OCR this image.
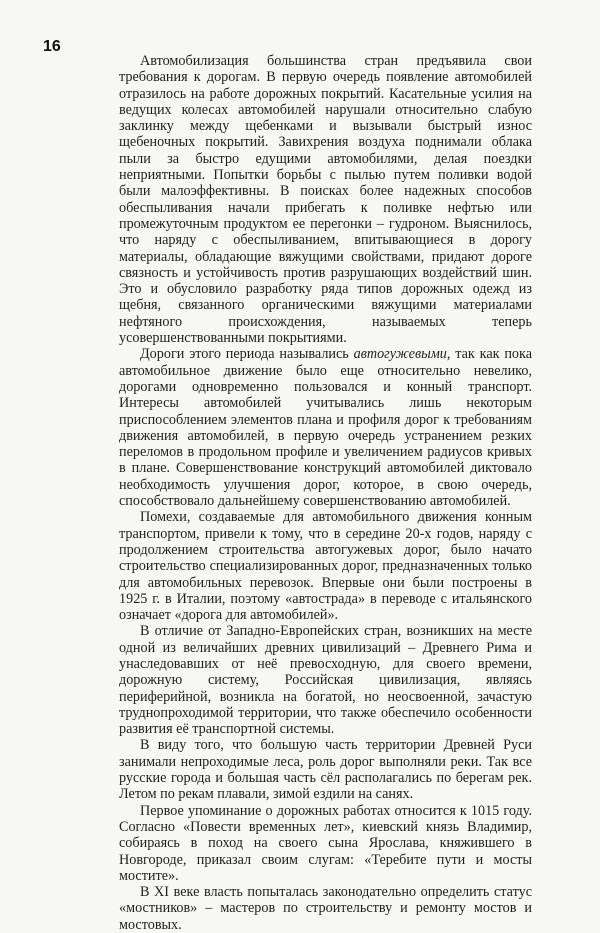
16

Автомобилизация большинства стран предъявила свои требования к дорогам. В первую очередь появление автомобилей отразилось на работе дорожных покрытий. Касательные усилия на ведущих колесах автомобилей нарушали относительно слабую заклинку между щебенками и вызывали быстрый износ щебеночных покрытий. Завихрения воздуха поднимали облака пыли за быстро едущими автомобилями, делая поездки неприятными. Попытки борьбы с пылью путем поливки водой были малоэффективны. В поисках более надежных способов обеспыливания начали прибегать к поливке нефтью или промежуточным продуктом ее перегонки – гудроном. Выяснилось, что наряду с обеспыливанием, впитывающиеся в дорогу материалы, обладающие вяжущими свойствами, придают дороге связность и устойчивость против разрушающих воздействий шин. Это и обусловило разработку ряда типов дорожных одежд из щебня, связанного органическими вяжущими материалами нефтяного происхождения, называемых теперь усовершенствованными покрытиями.

Дороги этого периода назывались автогужевыми, так как пока автомобильное движение было еще относительно невелико, дорогами одновременно пользовался и конный транспорт. Интересы автомобилей учитывались лишь некоторым приспособлением элементов плана и профиля дорог к требованиям движения автомобилей, в первую очередь устранением резких переломов в продольном профиле и увеличением радиусов кривых в плане. Совершенствование конструкций автомобилей диктовало необходимость улучшения дорог, которое, в свою очередь, способствовало дальнейшему совершенствованию автомобилей.

Помехи, создаваемые для автомобильного движения конным транспортом, привели к тому, что в середине 20-х годов, наряду с продолжением строительства автогужевых дорог, было начато строительство специализированных дорог, предназначенных только для автомобильных перевозок. Впервые они были построены в 1925 г. в Италии, поэтому «автострада» в переводе с итальянского означает «дорога для автомобилей».

В отличие от Западно-Европейских стран, возникших на месте одной из величайших древних цивилизаций – Древнего Рима и унаследовавших от неё превосходную, для своего времени, дорожную систему, Российская цивилизация, являясь периферийной, возникла на богатой, но неосвоенной, зачастую труднопроходимой территории, что также обеспечило особенности развития её транспортной системы.

В виду того, что большую часть территории Древней Руси занимали непроходимые леса, роль дорог выполняли реки. Так все русские города и большая часть сёл располагались по берегам рек. Летом по рекам плавали, зимой ездили на санях.

Первое упоминание о дорожных работах относится к 1015 году. Согласно «Повести временных лет», киевский князь Владимир, собираясь в поход на своего сына Ярослава, княжившего в Новгороде, приказал своим слугам: «Теребите пути и мосты мостите».

В XI веке власть попыталась законодательно определить статус «мостников» – мастеров по строительству и ремонту мостов и мостовых.
